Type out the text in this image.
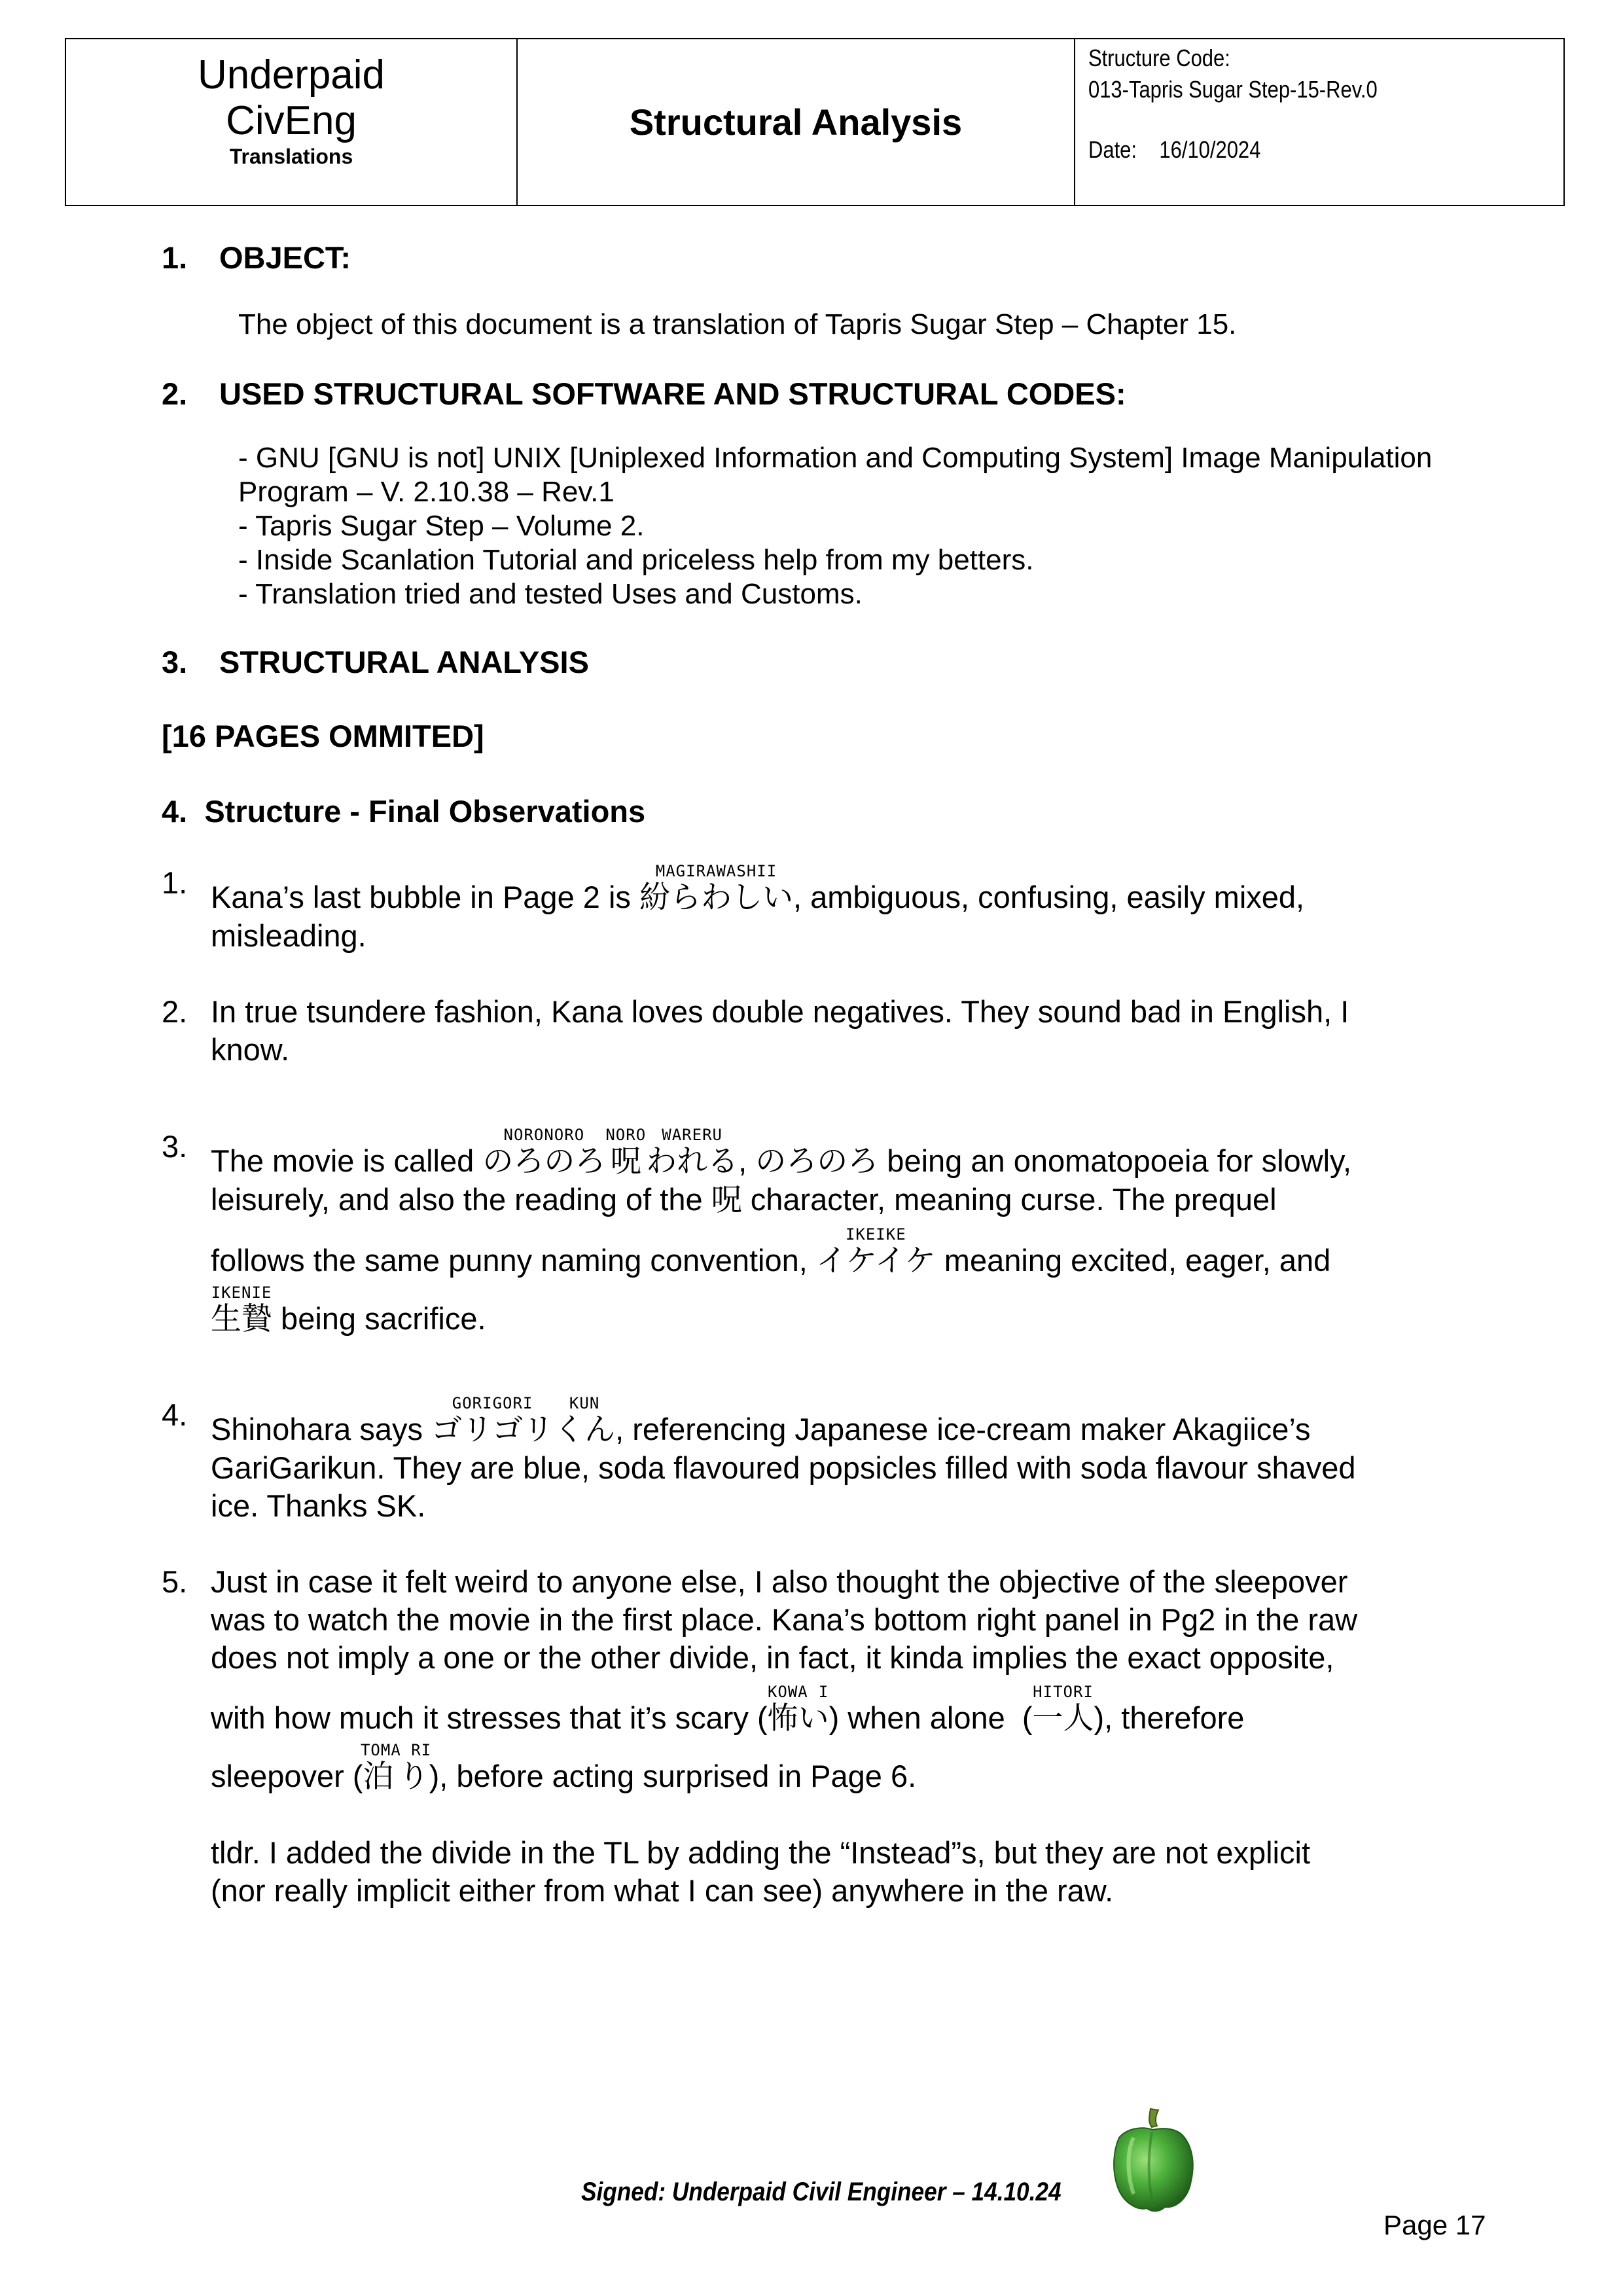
Underpaid
CivEng
Translations
Structural Analysis
Structure Code:
013-Tapris Sugar Step-15-Rev.0
Date: 16/10/2024
1. OBJECT:
The object of this document is a translation of Tapris Sugar Step – Chapter 15.
2. USED STRUCTURAL SOFTWARE AND STRUCTURAL CODES:
- GNU [GNU is not] UNIX [Uniplexed Information and Computing System] Image Manipulation
Program – V. 2.10.38 – Rev.1
- Tapris Sugar Step – Volume 2.
- Inside Scanlation Tutorial and priceless help from my betters.
- Translation tried and tested Uses and Customs.
3. STRUCTURAL ANALYSIS
[16 PAGES OMMITED]
4.  Structure - Final Observations
1. Kana’s last bubble in Page 2 is 紛らわしいMAGIRAWASHII, ambiguous, confusing, easily mixed,

misleading.

2. In true tsundere fashion, Kana loves double negatives. They sound bad in English, I

know.

3. The movie is called のろのろNORONORO呪NOROわれるWARERU, のろのろ being an onomatopoeia for slowly,

leisurely, and also the reading of the 呪 character, meaning curse. The prequel

follows the same punny naming convention, イケイケIKEIKE meaning excited, eager, and

生贄IKENIE being sacrifice.

4. Shinohara says ゴリゴリGORIGORIくんKUN, referencing Japanese ice-cream maker Akagiice’s

GariGarikun. They are blue, soda flavoured popsicles filled with soda flavour shaved

ice. Thanks SK.

5. Just in case it felt weird to anyone else, I also thought the objective of the sleepover

was to watch the movie in the first place. Kana’s bottom right panel in Pg2 in the raw

does not imply a one or the other divide, in fact, it kinda implies the exact opposite,

with how much it stresses that it’s scary (怖いKOWA I) when alone  (一人HITORI), therefore

sleepover (泊りTOMA RI), before acting surprised in Page 6.

tldr. I added the divide in the TL by adding the “Instead”s, but they are not explicit

(nor really implicit either from what I can see) anywhere in the raw.

Signed: Underpaid Civil Engineer – 14.10.24
Page 17
